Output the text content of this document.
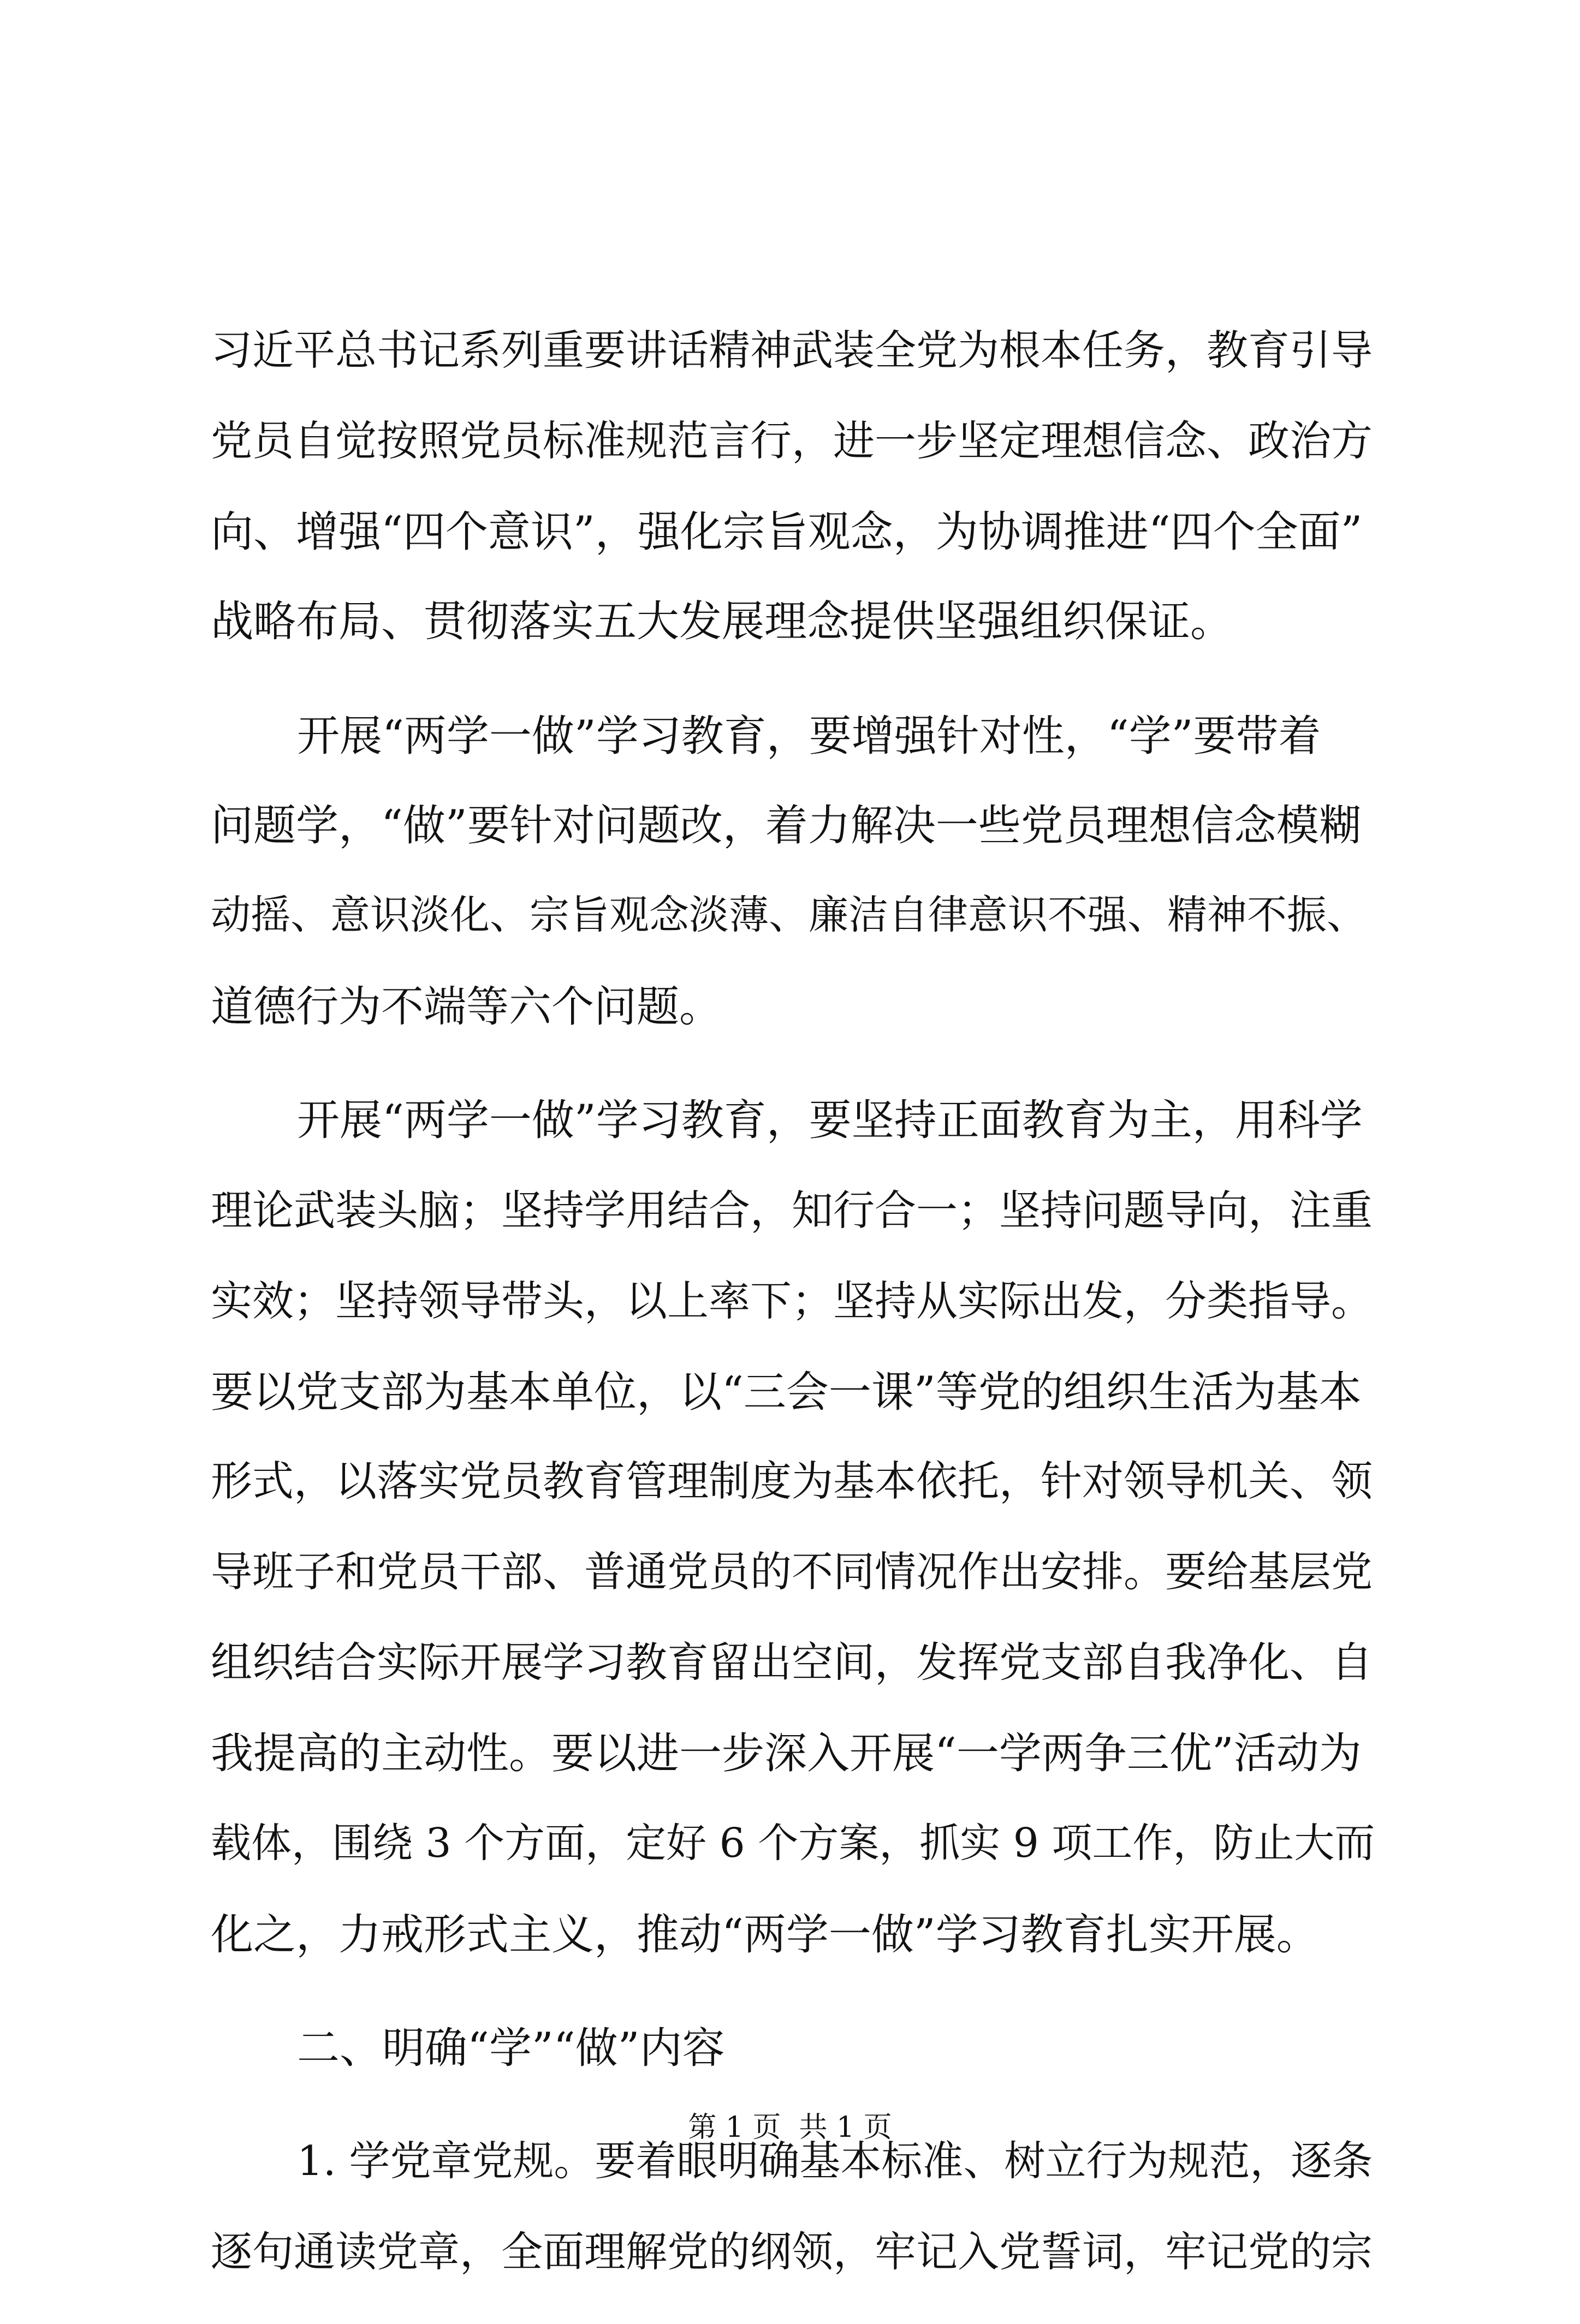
习近平总书记系列重要讲话精神武装全党为根本任务，教育引导
党员自觉按照党员标准规范言行，进一步坚定理想信念、政治方
向、增强“四个意识”，强化宗旨观念，为协调推进“四个全面”
战略布局、贯彻落实五大发展理念提供坚强组织保证。
开展“两学一做”学习教育，要增强针对性，“学”要带着
问题学，“做”要针对问题改，着力解决一些党员理想信念模糊
动摇、意识淡化、宗旨观念淡薄、廉洁自律意识不强、精神不振、
道德行为不端等六个问题。
开展“两学一做”学习教育，要坚持正面教育为主，用科学
理论武装头脑；坚持学用结合，知行合一；坚持问题导向，注重
实效；坚持领导带头，以上率下；坚持从实际出发，分类指导。
要以党支部为基本单位，以“三会一课”等党的组织生活为基本
形式，以落实党员教育管理制度为基本依托，针对领导机关、领
导班子和党员干部、普通党员的不同情况作出安排。要给基层党
组织结合实际开展学习教育留出空间，发挥党支部自我净化、自
我提高的主动性。要以进一步深入开展“一学两争三优”活动为
载体，围绕 3 个方面，定好 6 个方案，抓实 9 项工作，防止大而
化之，力戒形式主义，推动“两学一做”学习教育扎实开展。
二、明确“学”“做”内容
1. 学党章党规。要着眼明确基本标准、树立行为规范，逐条
逐句通读党章，全面理解党的纲领，牢记入党誓词，牢记党的宗
第 1 页  共 1 页
